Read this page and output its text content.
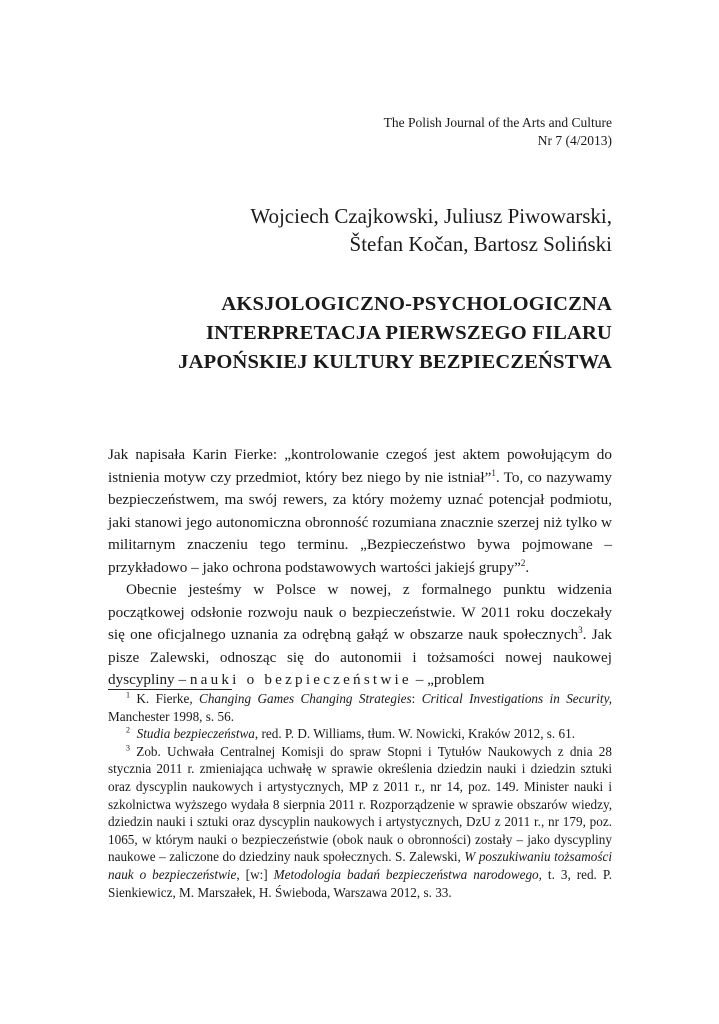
The Polish Journal of the Arts and Culture
Nr 7 (4/2013)
Wojciech Czajkowski, Juliusz Piwowarski,
Štefan Kočan, Bartosz Soliński
AKSJOLOGICZNO-PSYCHOLOGICZNA
INTERPRETACJA PIERWSZEGO FILARU
JAPOŃSKIEJ KULTURY BEZPIECZEŃSTWA

Jak napisała Karin Fierke: „kontrolowanie czegoś jest aktem powołującym do istnienia motyw czy przedmiot, który bez niego by nie istniał”$^1$. To, co nazywamy bezpieczeństwem, ma swój rewers, za który możemy uznać potencjał podmiotu, jaki stanowi jego autonomiczna obronność rozumiana znacznie szerzej niż tylko w militarnym znaczeniu tego terminu. „Bezpieczeństwo bywa pojmowane – przykładowo – jako ochrona podstawowych wartości jakiejś grupy”$^2$.

Obecnie jesteśmy w Polsce w nowej, z formalnego punktu widzenia początkowej odsłonie rozwoju nauk o bezpieczeństwie. W 2011 roku doczekały się one oficjalnego uznania za odrębną gałąź w obszarze nauk społecznych$^3$. Jak pisze Zalewski, odnosząc się do autonomii i tożsamości nowej naukowej dyscypliny – nauki o bezpieczeństwie – „problem

$^1$ K. Fierke, Changing Games Changing Strategies: Critical Investigations in Security, Manchester 1998, s. 56.

$^2$ Studia bezpieczeństwa, red. P. D. Williams, tłum. W. Nowicki, Kraków 2012, s. 61.

$^3$ Zob. Uchwała Centralnej Komisji do spraw Stopni i Tytułów Naukowych z dnia 28 stycznia 2011 r. zmieniająca uchwałę w sprawie określenia dziedzin nauki i dziedzin sztuki oraz dyscyplin naukowych i artystycznych, MP z 2011 r., nr 14, poz. 149. Minister nauki i szkolnictwa wyższego wydała 8 sierpnia 2011 r. Rozporządzenie w sprawie obszarów wiedzy, dziedzin nauki i sztuki oraz dyscyplin naukowych i artystycznych, DzU z 2011 r., nr 179, poz. 1065, w którym nauki o bezpieczeństwie (obok nauk o obronności) zostały – jako dyscypliny naukowe – zaliczone do dziedziny nauk społecznych. S. Zalewski, W poszukiwaniu tożsamości nauk o bezpieczeństwie, [w:] Metodologia badań bezpieczeństwa narodowego, t. 3, red. P. Sienkiewicz, M. Marszałek, H. Świeboda, Warszawa 2012, s. 33.
